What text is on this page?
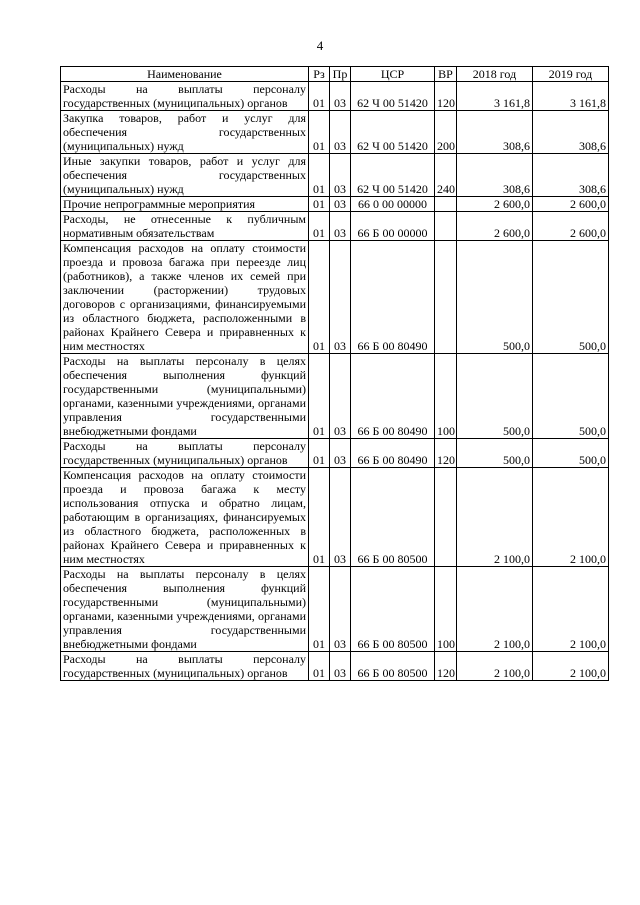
4
Наименование	Рз	Пр	ЦСР	ВР	2018 год	2019 год
Расходы на выплаты персоналу государственных (муниципальных) органов	01	03	62 Ч 00 51420	120	3 161,8	3 161,8
Закупка товаров, работ и услуг для обеспечения государственных (муниципальных) нужд	01	03	62 Ч 00 51420	200	308,6	308,6
Иные закупки товаров, работ и услуг для обеспечения государственных (муниципальных) нужд	01	03	62 Ч 00 51420	240	308,6	308,6
Прочие непрограммные мероприятия	01	03	66 0 00 00000		2 600,0	2 600,0
Расходы, не отнесенные к публичным нормативным обязательствам	01	03	66 Б 00 00000		2 600,0	2 600,0
Компенсация расходов на оплату стоимости проезда и провоза багажа при переезде лиц (работников), а также членов их семей при заключении (расторжении) трудовых договоров с организациями, финансируемыми из областного бюджета, расположенными в районах Крайнего Севера и приравненных к ним местностях	01	03	66 Б 00 80490		500,0	500,0
Расходы на выплаты персоналу в целях обеспечения выполнения функций государственными (муниципальными) органами, казенными учреждениями, органами управления государственными внебюджетными фондами	01	03	66 Б 00 80490	100	500,0	500,0
Расходы на выплаты персоналу государственных (муниципальных) органов	01	03	66 Б 00 80490	120	500,0	500,0
Компенсация расходов на оплату стоимости проезда и провоза багажа к месту использования отпуска и обратно лицам, работающим в организациях, финансируемых из областного бюджета, расположенных в районах Крайнего Севера и приравненных к ним местностях	01	03	66 Б 00 80500		2 100,0	2 100,0
Расходы на выплаты персоналу в целях обеспечения выполнения функций государственными (муниципальными) органами, казенными учреждениями, органами управления государственными внебюджетными фондами	01	03	66 Б 00 80500	100	2 100,0	2 100,0
Расходы на выплаты персоналу государственных (муниципальных) органов	01	03	66 Б 00 80500	120	2 100,0	2 100,0
